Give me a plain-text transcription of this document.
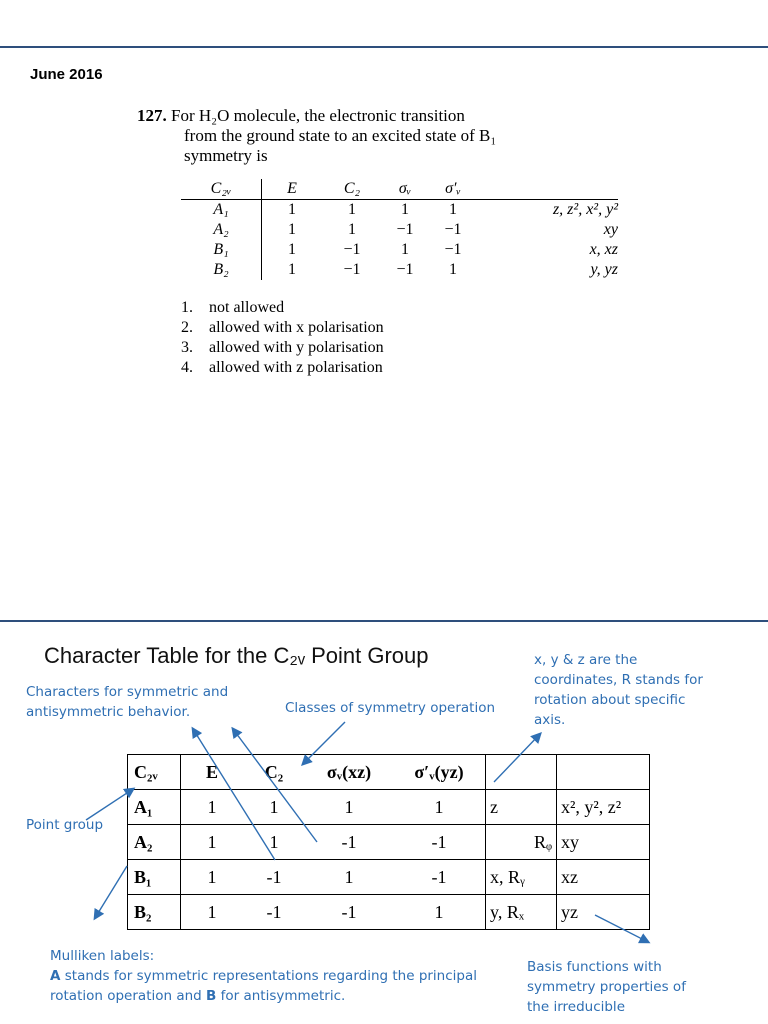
June 2016
127. For H₂O molecule, the electronic transition
from the ground state to an excited state of B₁
symmetry is
C₂ᵥ	E	C₂	σᵥ	σ′ᵥ	
A₁	1	1	1	1	z, z², x², y²
A₂	1	1	−1	−1	xy
B₁	1	−1	1	−1	x, xz
B₂	1	−1	−1	1	y, yz
1. not allowed
2. allowed with x polarisation
3. allowed with y polarisation
4. allowed with z polarisation
Character Table for the C₂ᵥ Point Group	x, y & z are the
coordinates, R stands for
rotation about specific
axis.
Characters for symmetric and
antisymmetric behavior.	Classes of symmetry operation
Point group
C₂ᵥ	E	C₂	σᵥ(xz)	σ′ᵥ(yz)		
A₁	1	1	1	1	z	x², y², z²
A₂	1	1	-1	-1	Rᵩ	xy
B₁	1	-1	1	-1	x, Rᵧ	xz
B₂	1	-1	-1	1	y, Rₓ	yz
Mulliken labels:
A stands for symmetric representations regarding the principal
rotation operation and B for antisymmetric.
Basis functions with
symmetry properties of
the irreducible
